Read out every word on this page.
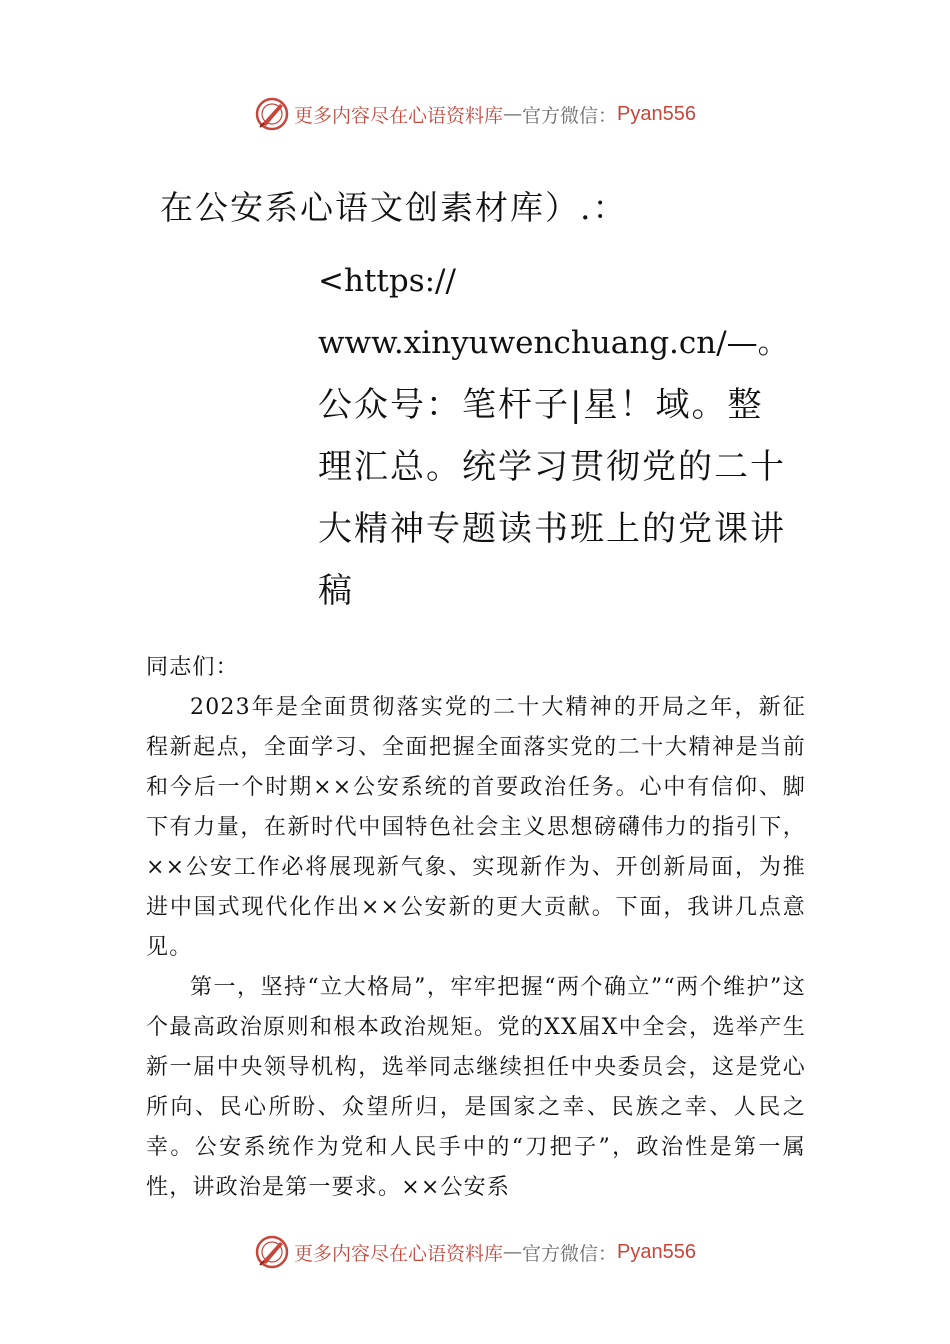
更多内容尽在心语资料库 — 官方微信： Pyan556
在公安系心语文创素材库）.：
<https://
www.xinyuwenchuang.cn/—。
公众号：笔杆子|星！域。整理汇总。统学习贯彻党的二十大精神专题读书班上的党课讲稿

同志们：

2023年是全面贯彻落实党的二十大精神的开局之年，新征程新起点，全面学习、全面把握全面落实党的二十大精神是当前和今后一个时期××公安系统的首要政治任务。心中有信仰、脚下有力量，在新时代中国特色社会主义思想磅礴伟力的指引下，××公安工作必将展现新气象、实现新作为、开创新局面，为推进中国式现代化作出××公安新的更大贡献。下面，我讲几点意见。

第一，坚持“立大格局”，牢牢把握“两个确立”“两个维护”这个最高政治原则和根本政治规矩。党的XX届X中全会，选举产生新一届中央领导机构，选举同志继续担任中央委员会，这是党心所向、民心所盼、众望所归，是国家之幸、民族之幸、人民之幸。公安系统作为党和人民手中的“刀把子”，政治性是第一属性，讲政治是第一要求。××公安系

更多内容尽在心语资料库 — 官方微信： Pyan556
